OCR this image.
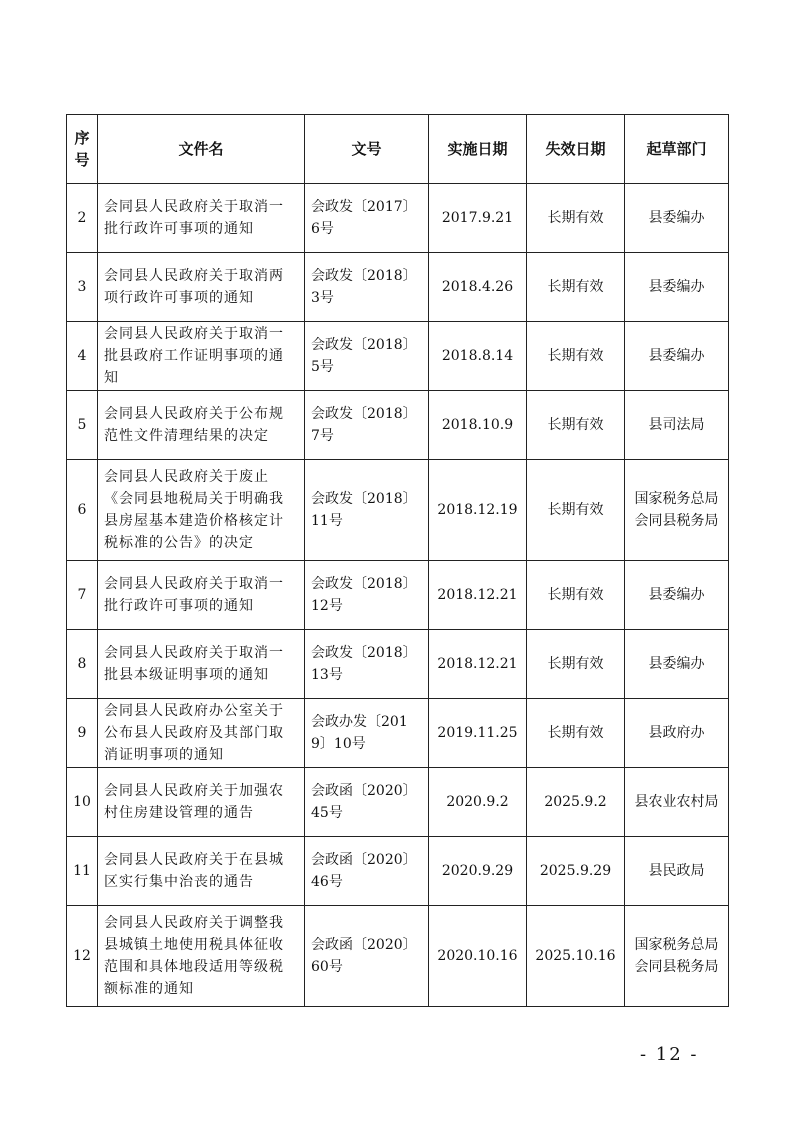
序号	文件名	文号	实施日期	失效日期	起草部门
2	会同县人民政府关于取消一批行政许可事项的通知	会政发〔2017〕6号	2017.9.21	长期有效	县委编办
3	会同县人民政府关于取消两项行政许可事项的通知	会政发〔2018〕3号	2018.4.26	长期有效	县委编办
4	会同县人民政府关于取消一批县政府工作证明事项的通知	会政发〔2018〕5号	2018.8.14	长期有效	县委编办
5	会同县人民政府关于公布规范性文件清理结果的决定	会政发〔2018〕7号	2018.10.9	长期有效	县司法局
6	会同县人民政府关于废止《会同县地税局关于明确我县房屋基本建造价格核定计税标准的公告》的决定	会政发〔2018〕11号	2018.12.19	长期有效	国家税务总局会同县税务局
7	会同县人民政府关于取消一批行政许可事项的通知	会政发〔2018〕12号	2018.12.21	长期有效	县委编办
8	会同县人民政府关于取消一批县本级证明事项的通知	会政发〔2018〕13号	2018.12.21	长期有效	县委编办
9	会同县人民政府办公室关于公布县人民政府及其部门取消证明事项的通知	会政办发〔2019〕10号	2019.11.25	长期有效	县政府办
10	会同县人民政府关于加强农村住房建设管理的通告	会政函〔2020〕45号	2020.9.2	2025.9.2	县农业农村局
11	会同县人民政府关于在县城区实行集中治丧的通告	会政函〔2020〕46号	2020.9.29	2025.9.29	县民政局
12	会同县人民政府关于调整我县城镇土地使用税具体征收范围和具体地段适用等级税额标准的通知	会政函〔2020〕60号	2020.10.16	2025.10.16	国家税务总局会同县税务局
- 12 -
